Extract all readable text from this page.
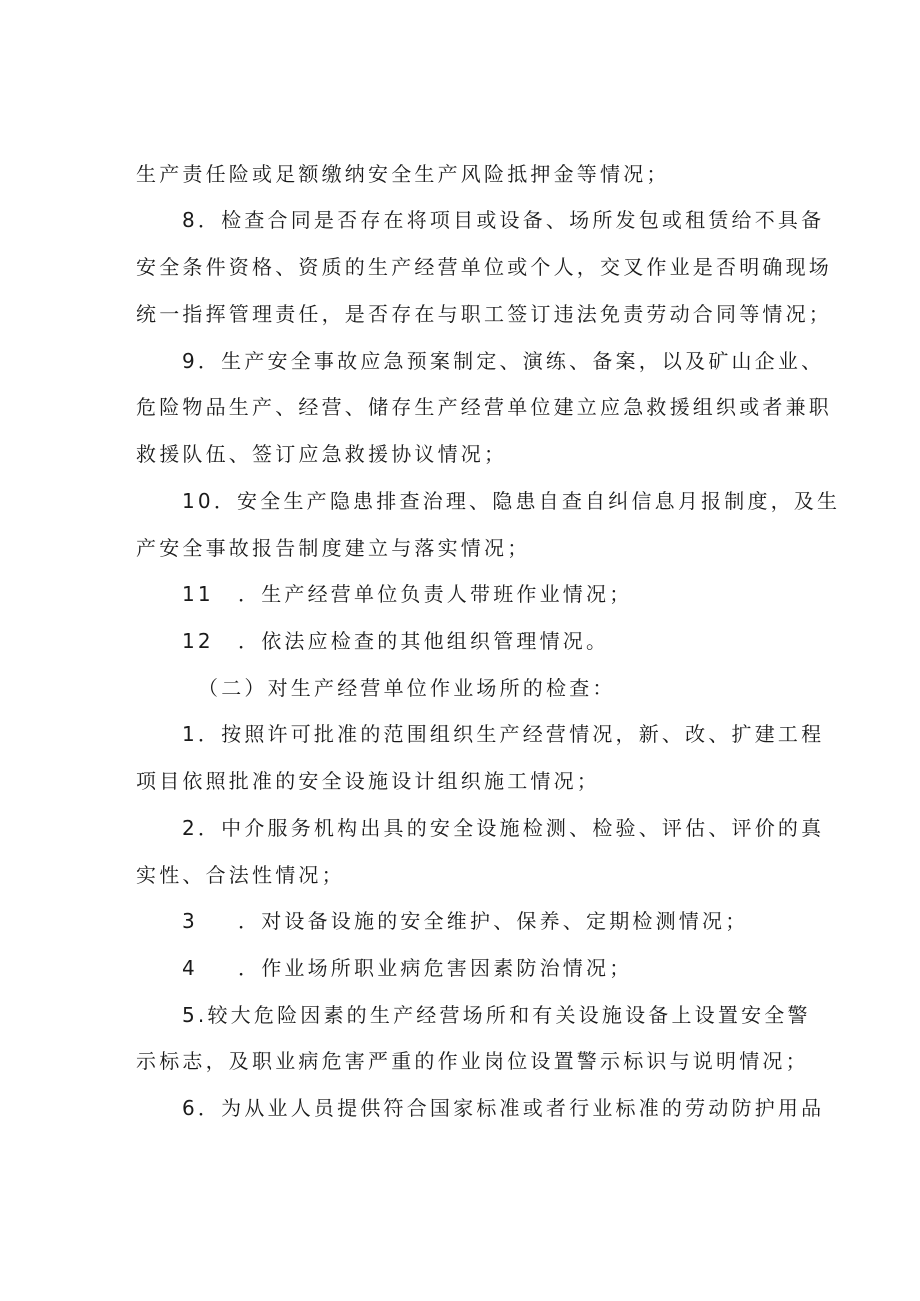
生产责任险或足额缴纳安全生产风险抵押金等情况；
8．检查合同是否存在将项目或设备、场所发包或租赁给不具备
安全条件资格、资质的生产经营单位或个人，交叉作业是否明确现场
统一指挥管理责任，是否存在与职工签订违法免责劳动合同等情况；
9．生产安全事故应急预案制定、演练、备案，以及矿山企业、
危险物品生产、经营、储存生产经营单位建立应急救援组织或者兼职
救援队伍、签订应急救援协议情况；
10．安全生产隐患排查治理、隐患自查自纠信息月报制度，及生
产安全事故报告制度建立与落实情况；
11 ．生产经营单位负责人带班作业情况；
12 ．依法应检查的其他组织管理情况。
（二）对生产经营单位作业场所的检查：
1．按照许可批准的范围组织生产经营情况，新、改、扩建工程
项目依照批准的安全设施设计组织施工情况；
2．中介服务机构出具的安全设施检测、检验、评估、评价的真
实性、合法性情况；
3 ．对设备设施的安全维护、保养、定期检测情况；
4 ．作业场所职业病危害因素防治情况；
5.较大危险因素的生产经营场所和有关设施设备上设置安全警
示标志，及职业病危害严重的作业岗位设置警示标识与说明情况；
6．为从业人员提供符合国家标准或者行业标准的劳动防护用品
